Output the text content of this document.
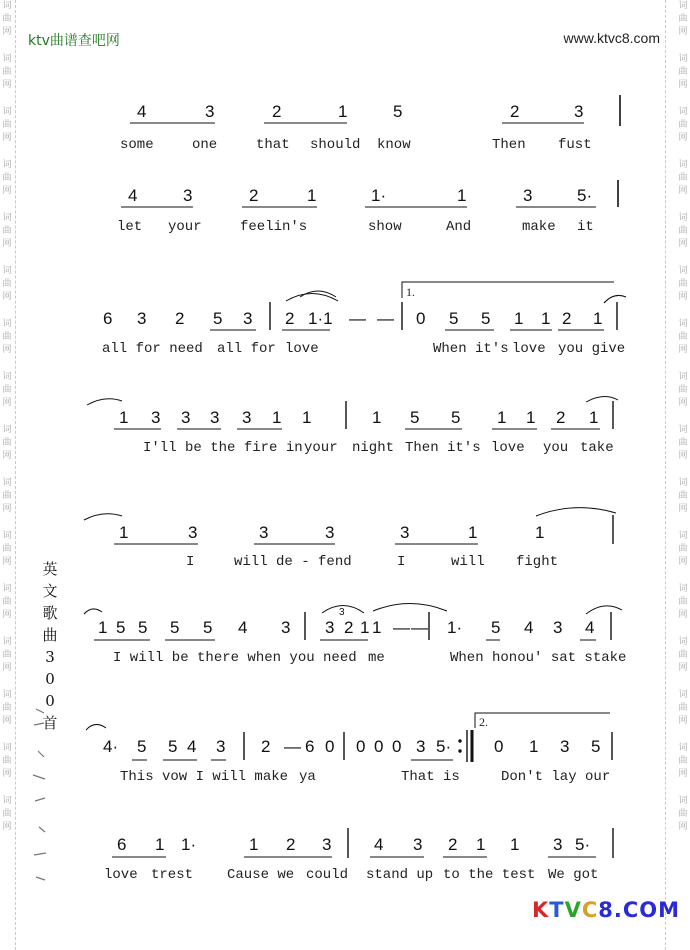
词
曲
网
词
曲
网
词
曲
网
词
曲
网
词
曲
网
词
曲
网
词
曲
网
词
曲
网
词
曲
网
词
曲
网
词
曲
网
词
曲
网
词
曲
网
词
曲
网
词
曲
网
词
曲
网
词
曲
网
词
曲
网
词
曲
网
词
曲
网
词
曲
网
词
曲
网
词
曲
网
词
曲
网
词
曲
网
词
曲
网
词
曲
网
词
曲
网
词
曲
网
词
曲
网
词
曲
网
词
曲
网
ktv曲谱查吧网	www.ktvc8.com
英
文
歌
曲
3
0
0
首
1.
2.
3
4	3	2	1	5	2	3
4	3	2	1	1·	1	3	5·
6 3 2 5 3 2 1·1 — — 0 5 5 1 1 2 1
1 3 3 3 3 1 1	1 5 5 1 1 2 1
1	3	3	3	3	1	1
1 5 5 5 5 4 3 3 2 1 1 — — 1· 5 4 3 4
4· 5 5 4 3 2 — 6 0 0 0 0 3 5·	0 1 3 5
6 1 1·	1 2 3	4 3 2 1 1 3 5·
some	one	that should know	Then fust
let your	feelin's	show	And	make it
all for need all for love	When it's love you give
I'll be the fire in your night Then it's love you take
I	will de - fend	I	will fight
I will be there when you need me	When honou' sat stake
This vow I will make ya	That is	Don't lay our
love trest Cause we could stand up to the test We got
KTVC8.COM
